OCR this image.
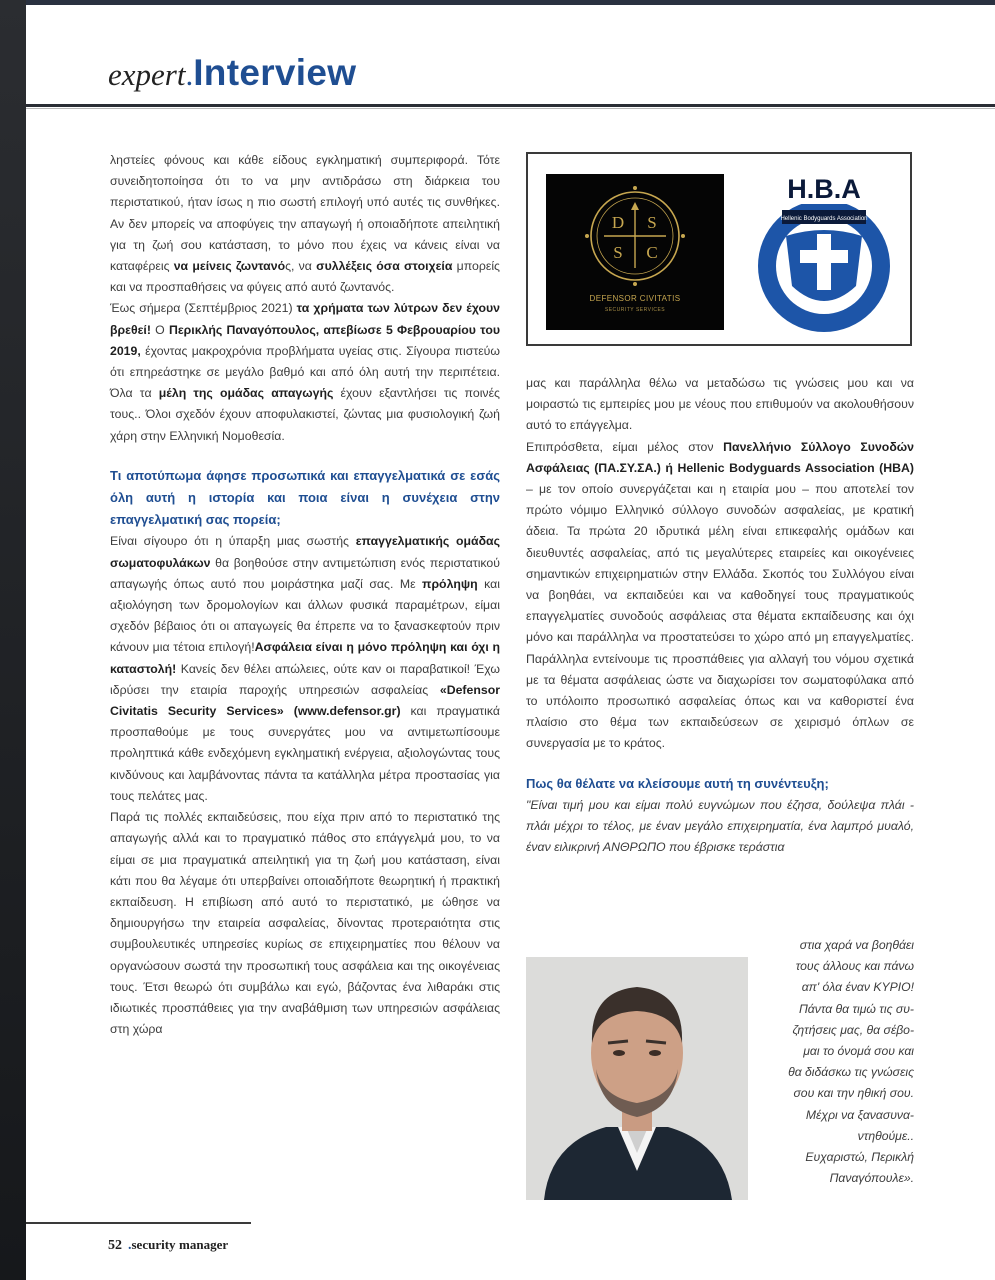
expert . Interview

ληστείες φόνους και κάθε είδους εγκληματική συμπεριφορά. Τότε συνειδητοποίησα ότι το να μην αντιδράσω στη διάρκεια του περιστατικού, ήταν ίσως η πιο σωστή επιλογή υπό αυτές τις συνθήκες. Αν δεν μπορείς να αποφύγεις την απαγωγή ή οποιαδήποτε απειλητική για τη ζωή σου κατάσταση, το μόνο που έχεις να κάνεις είναι να καταφέρεις να μείνεις ζωντανός, να συλλέξεις όσα στοιχεία μπορείς και να προσπαθήσεις να φύγεις από αυτό ζωντανός.

Έως σήμερα (Σεπτέμβριος 2021) τα χρήματα των λύτρων δεν έχουν βρεθεί! Ο Περικλής Παναγόπουλος, απεβίωσε 5 Φεβρουαρίου του 2019, έχοντας μακροχρόνια προβλήματα υγείας στις. Σίγουρα πιστεύω ότι επηρεάστηκε σε μεγάλο βαθμό και από όλη αυτή την περιπέτεια. Όλα τα μέλη της ομάδας απαγωγής έχουν εξαντλήσει τις ποινές τους.. Όλοι σχεδόν έχουν αποφυλακιστεί, ζώντας μια φυσιολογική ζωή χάρη στην Ελληνική Νομοθεσία.

Τι αποτύπωμα άφησε προσωπικά και επαγγελματικά σε εσάς όλη αυτή η ιστορία και ποια είναι η συνέχεια στην επαγγελματική σας πορεία;

Είναι σίγουρο ότι η ύπαρξη μιας σωστής επαγγελματικής ομάδας σωματοφυλάκων θα βοηθούσε στην αντιμετώπιση ενός περιστατικού απαγωγής όπως αυτό που μοιράστηκα μαζί σας. Με πρόληψη και αξιολόγηση των δρομολογίων και άλλων φυσικά παραμέτρων, είμαι σχεδόν βέβαιος ότι οι απαγωγείς θα έπρεπε να το ξανασκεφτούν πριν κάνουν μια τέτοια επιλογή!Ασφάλεια είναι η μόνο πρόληψη και όχι η καταστολή! Κανείς δεν θέλει απώλειες, ούτε καν οι παραβατικοί! Έχω ιδρύσει την εταιρία παροχής υπηρεσιών ασφαλείας «Defensor Civitatis Security Services» (www.defensor.gr) και πραγματικά προσπαθούμε με τους συνεργάτες μου να αντιμετωπίσουμε προληπτικά κάθε ενδεχόμενη εγκληματική ενέργεια, αξιολογώντας τους κινδύνους και λαμβάνοντας πάντα τα κατάλληλα μέτρα προστασίας για τους πελάτες μας.

Παρά τις πολλές εκπαιδεύσεις, που είχα πριν από το περιστατικό της απαγωγής αλλά και το πραγματικό πάθος στο επάγγελμά μου, το να είμαι σε μια πραγματικά απειλητική για τη ζωή μου κατάσταση, είναι κάτι που θα λέγαμε ότι υπερβαίνει οποιαδήποτε θεωρητική ή πρακτική εκπαίδευση. Η επιβίωση από αυτό το περιστατικό, με ώθησε να δημιουργήσω την εταιρεία ασφαλείας, δίνοντας προτεραιότητα στις συμβουλευτικές υπηρεσίες κυρίως σε επιχειρηματίες που θέλουν να οργανώσουν σωστά την προσωπική τους ασφάλεια και της οικογένειας τους. Έτσι θεωρώ ότι συμβάλω και εγώ, βάζοντας ένα λιθαράκι στις ιδιωτικές προσπάθειες για την αναβάθμιση των υπηρεσιών ασφάλειας στη χώρα

D S
S C
DEFENSOR CIVITATIS
SECURITY SERVICES
Hellenic Bodyguards Association
H.B.A
ΠΑ.ΣΥ.ΣΑ

μας και παράλληλα θέλω να μεταδώσω τις γνώσεις μου και να μοιραστώ τις εμπειρίες μου με νέους που επιθυμούν να ακολουθήσουν αυτό το επάγγελμα.

Επιπρόσθετα, είμαι μέλος στον Πανελλήνιο Σύλλογο Συνοδών Ασφάλειας (ΠΑ.ΣΥ.ΣΑ.) ή Hellenic Bodyguards Association (HBA) – με τον οποίο συνεργάζεται και η εταιρία μου – που αποτελεί τον πρώτο νόμιμο Ελληνικό σύλλογο συνοδών ασφαλείας, με κρατική άδεια. Τα πρώτα 20 ιδρυτικά μέλη είναι επικεφαλής ομάδων και διευθυντές ασφαλείας, από τις μεγαλύτερες εταιρείες και οικογένειες σημαντικών επιχειρηματιών στην Ελλάδα. Σκοπός του Συλλόγου είναι να βοηθάει, να εκπαιδεύει και να καθοδηγεί τους πραγματικούς επαγγελματίες συνοδούς ασφάλειας στα θέματα εκπαίδευσης και όχι μόνο και παράλληλα να προστατεύσει το χώρο από μη επαγγελματίες. Παράλληλα εντείνουμε τις προσπάθειες για αλλαγή του νόμου σχετικά με τα θέματα ασφάλειας ώστε να διαχωρίσει τον σωματοφύλακα από το υπόλοιπο προσωπικό ασφαλείας όπως και να καθοριστεί ένα πλαίσιο στο θέμα των εκπαιδεύσεων σε χειρισμό όπλων σε συνεργασία με το κράτος.

Πως θα θέλατε να κλείσουμε αυτή τη συνέντευξη;

"Είναι τιμή μου και είμαι πολύ ευγνώμων που έζησα, δούλεψα πλάι - πλάι μέχρι το τέλος, με έναν μεγάλο επιχειρηματία, ένα λαμπρό μυαλό, έναν ειλικρινή ΑΝΘΡΩΠΟ που έβρισκε τεράστια

στια χαρά να βοηθάει

τους άλλους και πάνω

απ' όλα έναν ΚΥΡΙΟ!

Πάντα θα τιμώ τις συ-

ζητήσεις μας, θα σέβο-

μαι το όνομά σου και

θα διδάσκω τις γνώσεις

σου και την ηθική σου.

Μέχρι να ξανασυνα-

ντηθούμε..

Ευχαριστώ, Περικλή

Παναγόπουλε».

52 .security manager
